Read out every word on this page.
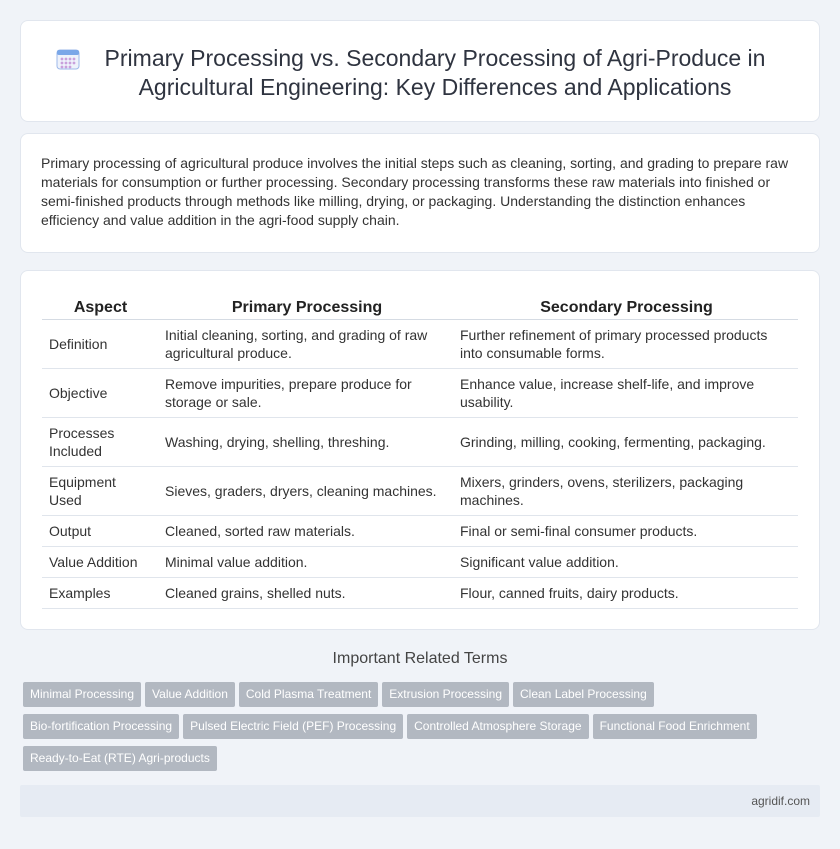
Primary Processing vs. Secondary Processing of Agri-Produce in Agricultural Engineering: Key Differences and Applications

Primary processing of agricultural produce involves the initial steps such as cleaning, sorting, and grading to prepare raw materials for consumption or further processing. Secondary processing transforms these raw materials into finished or semi-finished products through methods like milling, drying, or packaging. Understanding the distinction enhances efficiency and value addition in the agri-food supply chain.

Aspect	Primary Processing	Secondary Processing
Definition	Initial cleaning, sorting, and grading of raw agricultural produce.	Further refinement of primary processed products into consumable forms.
Objective	Remove impurities, prepare produce for storage or sale.	Enhance value, increase shelf-life, and improve usability.
Processes Included	Washing, drying, shelling, threshing.	Grinding, milling, cooking, fermenting, packaging.
Equipment Used	Sieves, graders, dryers, cleaning machines.	Mixers, grinders, ovens, sterilizers, packaging machines.
Output	Cleaned, sorted raw materials.	Final or semi-final consumer products.
Value Addition	Minimal value addition.	Significant value addition.
Examples	Cleaned grains, shelled nuts.	Flour, canned fruits, dairy products.
Important Related Terms
Minimal Processing Value Addition Cold Plasma Treatment Extrusion Processing Clean Label Processing
Bio-fortification Processing Pulsed Electric Field (PEF) Processing Controlled Atmosphere Storage Functional Food Enrichment
Ready-to-Eat (RTE) Agri-products
agridif.com
